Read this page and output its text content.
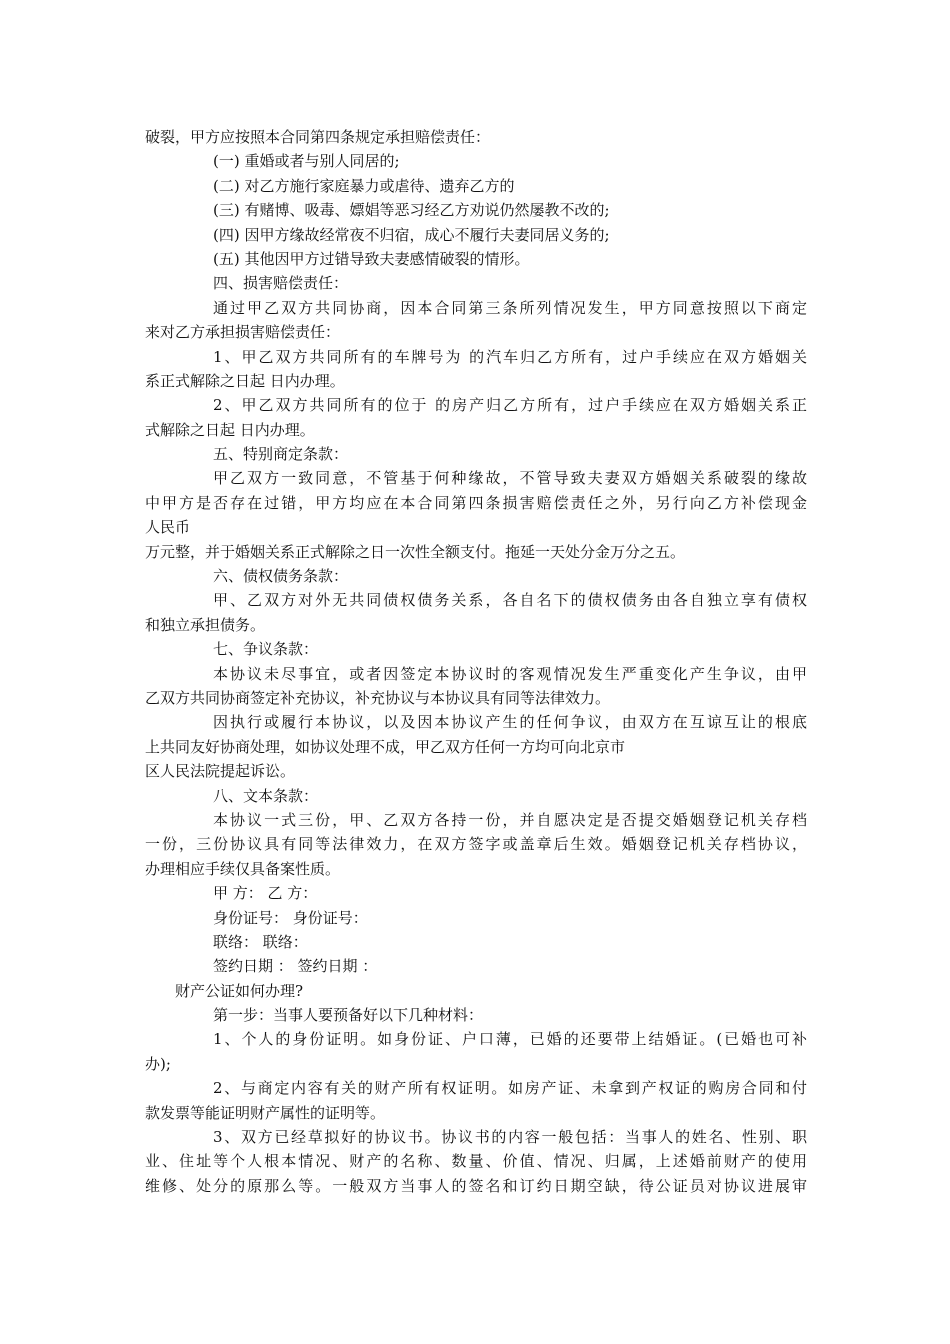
破裂，甲方应按照本合同第四条规定承担赔偿责任：
(一) 重婚或者与别人同居的;
(二) 对乙方施行家庭暴力或虐待、遗弃乙方的
(三) 有赌博、吸毒、嫖娼等恶习经乙方劝说仍然屡教不改的;
(四) 因甲方缘故经常夜不归宿，成心不履行夫妻同居义务的;
(五) 其他因甲方过错导致夫妻感情破裂的情形。
四、损害赔偿责任：
通过甲乙双方共同协商，因本合同第三条所列情况发生，甲方同意按照以下商定
来对乙方承担损害赔偿责任：
1、甲乙双方共同所有的车牌号为 的汽车归乙方所有，过户手续应在双方婚姻关
系正式解除之日起 日内办理。
2、甲乙双方共同所有的位于 的房产归乙方所有，过户手续应在双方婚姻关系正
式解除之日起 日内办理。
五、特别商定条款：
甲乙双方一致同意，不管基于何种缘故，不管导致夫妻双方婚姻关系破裂的缘故
中甲方是否存在过错，甲方均应在本合同第四条损害赔偿责任之外，另行向乙方补偿现金
人民币
万元整，并于婚姻关系正式解除之日一次性全额支付。拖延一天处分金万分之五。
六、债权债务条款：
甲、乙双方对外无共同债权债务关系，各自名下的债权债务由各自独立享有债权
和独立承担债务。
七、争议条款：
本协议未尽事宜，或者因签定本协议时的客观情况发生严重变化产生争议，由甲
乙双方共同协商签定补充协议，补充协议与本协议具有同等法律效力。
因执行或履行本协议，以及因本协议产生的任何争议，由双方在互谅互让的根底
上共同友好协商处理，如协议处理不成，甲乙双方任何一方均可向北京市
区人民法院提起诉讼。
八、文本条款：
本协议一式三份，甲、乙双方各持一份，并自愿决定是否提交婚姻登记机关存档
一份，三份协议具有同等法律效力，在双方签字或盖章后生效。婚姻登记机关存档协议，
办理相应手续仅具备案性质。
甲 方： 乙 方：
身份证号： 身份证号：
联络： 联络：
签约日期 ： 签约日期 ：
财产公证如何办理?
第一步：当事人要预备好以下几种材料：
1、个人的身份证明。如身份证、户口薄，已婚的还要带上结婚证。(已婚也可补
办);
2、与商定内容有关的财产所有权证明。如房产证、未拿到产权证的购房合同和付
款发票等能证明财产属性的证明等。
3、双方已经草拟好的协议书。协议书的内容一般包括：当事人的姓名、性别、职
业、住址等个人根本情况、财产的名称、数量、价值、情况、归属，上述婚前财产的使用
维修、处分的原那么等。一般双方当事人的签名和订约日期空缺，待公证员对协议进展审
